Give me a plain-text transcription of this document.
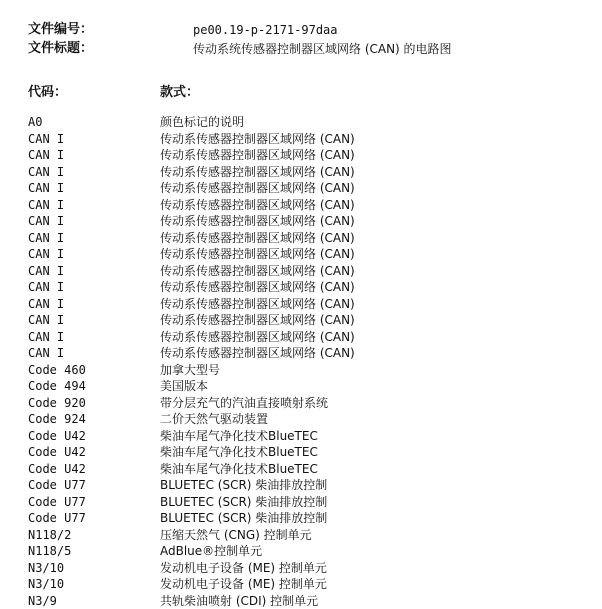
文件编号：	pe00.19-p-2171-97daa
文件标题：	传动系统传感器控制器区域网络 (CAN) 的电路图
代码：	款式：
A0	颜色标记的说明
CAN I	传动系传感器控制器区域网络 (CAN)
CAN I	传动系传感器控制器区域网络 (CAN)
CAN I	传动系传感器控制器区域网络 (CAN)
CAN I	传动系传感器控制器区域网络 (CAN)
CAN I	传动系传感器控制器区域网络 (CAN)
CAN I	传动系传感器控制器区域网络 (CAN)
CAN I	传动系传感器控制器区域网络 (CAN)
CAN I	传动系传感器控制器区域网络 (CAN)
CAN I	传动系传感器控制器区域网络 (CAN)
CAN I	传动系传感器控制器区域网络 (CAN)
CAN I	传动系传感器控制器区域网络 (CAN)
CAN I	传动系传感器控制器区域网络 (CAN)
CAN I	传动系传感器控制器区域网络 (CAN)
CAN I	传动系传感器控制器区域网络 (CAN)
Code 460	加拿大型号
Code 494	美国版本
Code 920	带分层充气的汽油直接喷射系统
Code 924	二价天然气驱动装置
Code U42	柴油车尾气净化技术BlueTEC
Code U42	柴油车尾气净化技术BlueTEC
Code U42	柴油车尾气净化技术BlueTEC
Code U77	BLUETEC (SCR) 柴油排放控制
Code U77	BLUETEC (SCR) 柴油排放控制
Code U77	BLUETEC (SCR) 柴油排放控制
N118/2	压缩天然气 (CNG) 控制单元
N118/5	AdBlue®控制单元
N3/10	发动机电子设备 (ME) 控制单元
N3/10	发动机电子设备 (ME) 控制单元
N3/9	共轨柴油喷射 (CDI) 控制单元
